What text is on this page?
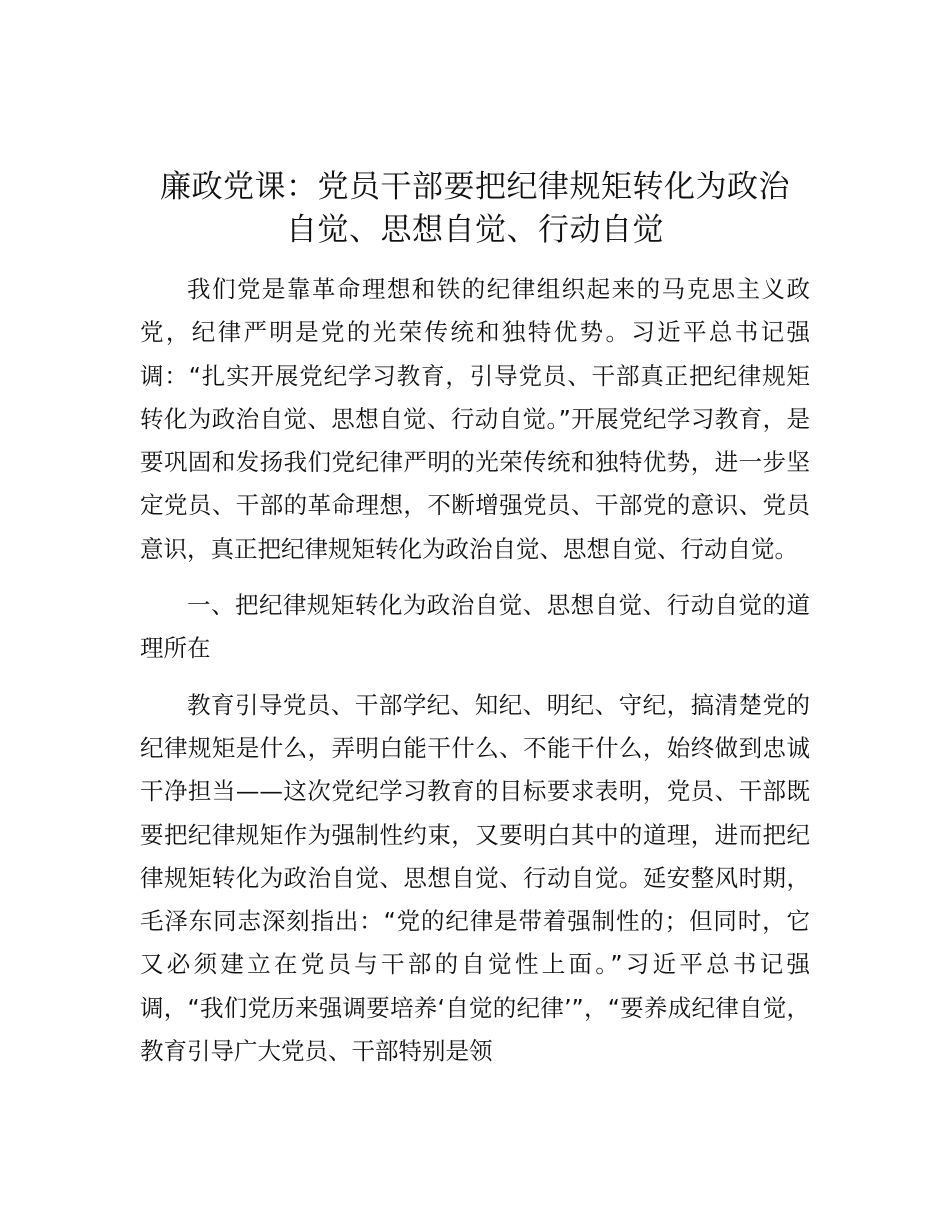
廉政党课：党员干部要把纪律规矩转化为政治
自觉、思想自觉、行动自觉

我们党是靠革命理想和铁的纪律组织起来的马克思主义政党，纪律严明是党的光荣传统和独特优势。习近平总书记强调：“扎实开展党纪学习教育，引导党员、干部真正把纪律规矩转化为政治自觉、思想自觉、行动自觉。”开展党纪学习教育，是要巩固和发扬我们党纪律严明的光荣传统和独特优势，进一步坚定党员、干部的革命理想，不断增强党员、干部党的意识、党员意识，真正把纪律规矩转化为政治自觉、思想自觉、行动自觉。

一、把纪律规矩转化为政治自觉、思想自觉、行动自觉的道理所在

教育引导党员、干部学纪、知纪、明纪、守纪，搞清楚党的纪律规矩是什么，弄明白能干什么、不能干什么，始终做到忠诚干净担当——这次党纪学习教育的目标要求表明，党员、干部既要把纪律规矩作为强制性约束，又要明白其中的道理，进而把纪律规矩转化为政治自觉、思想自觉、行动自觉。延安整风时期，毛泽东同志深刻指出：“党的纪律是带着强制性的；但同时，它又必须建立在党员与干部的自觉性上面。”习近平总书记强调，“我们党历来强调要培养‘自觉的纪律’”，“要养成纪律自觉，教育引导广大党员、干部特别是领
